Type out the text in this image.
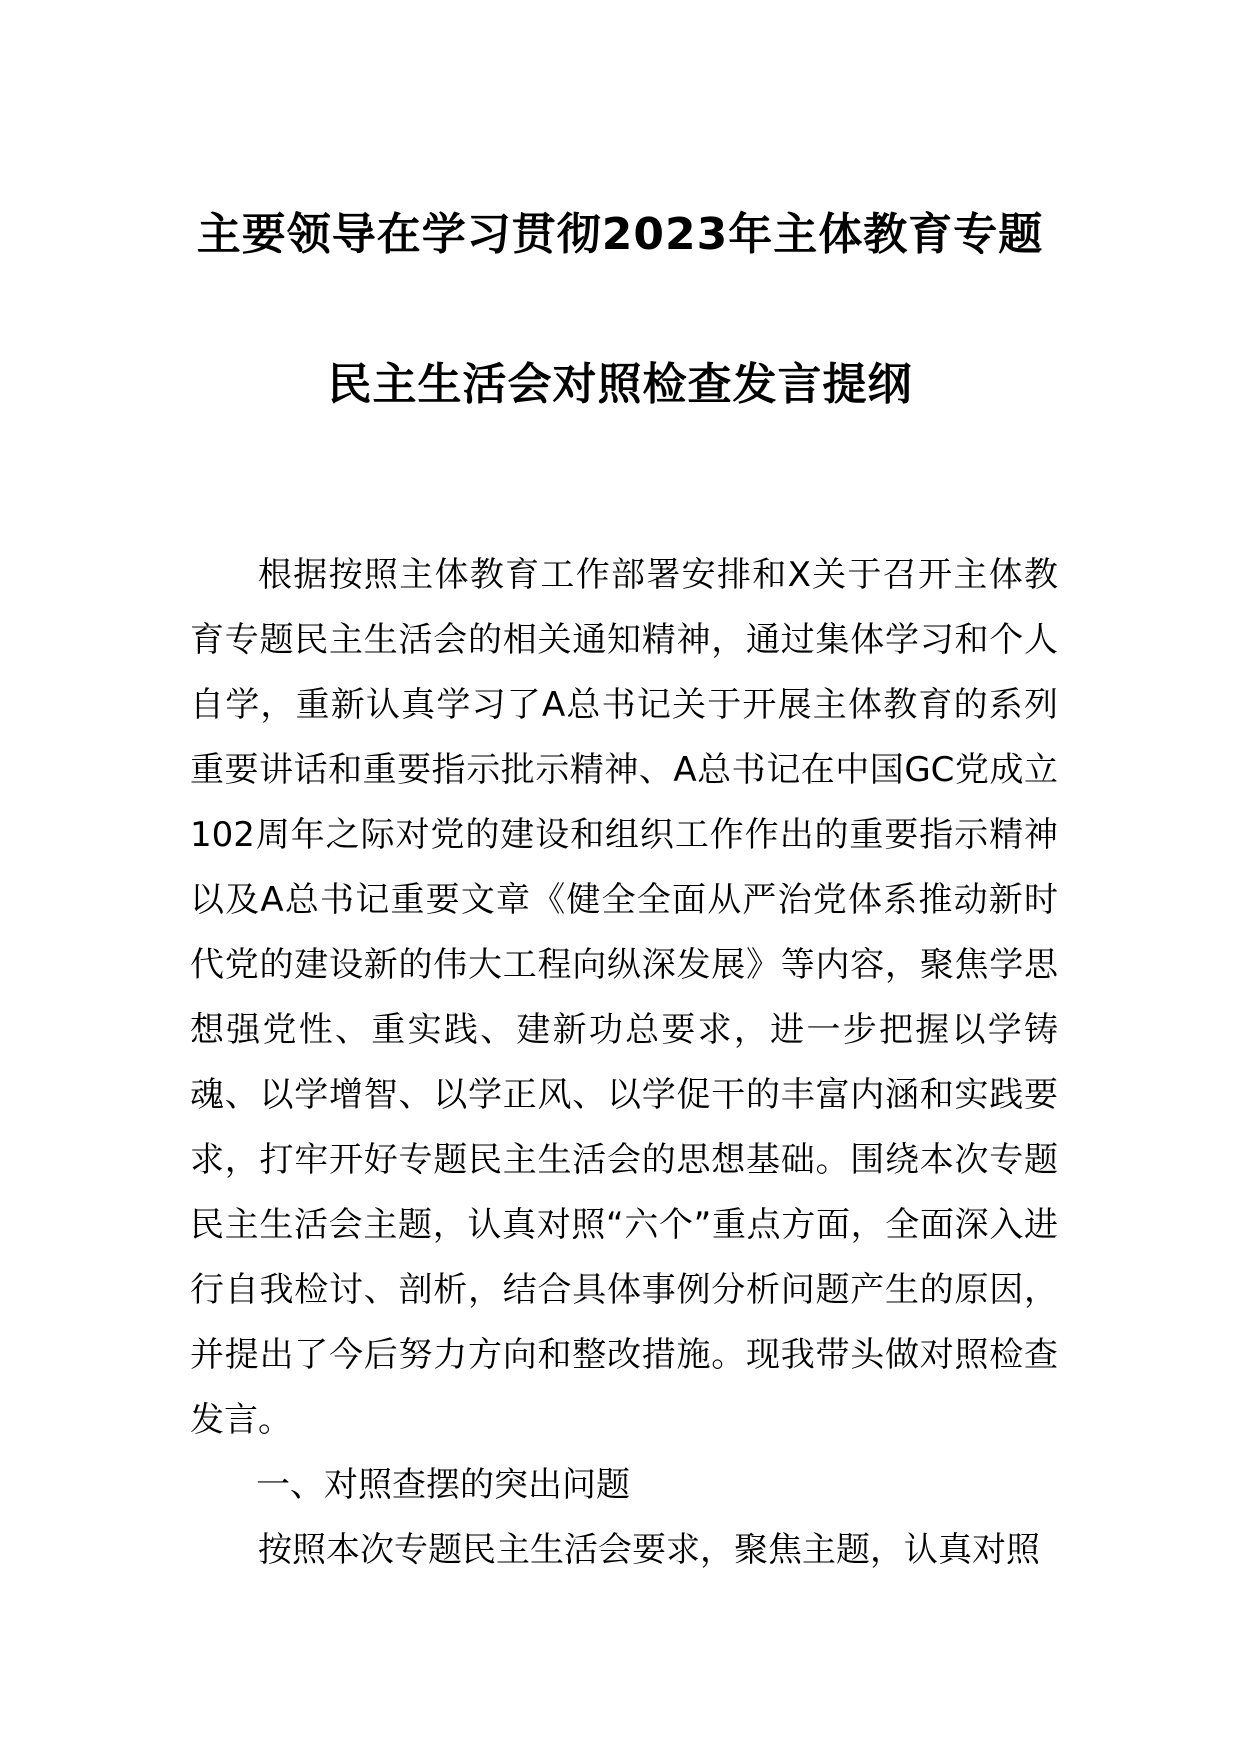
主要领导在学习贯彻2023年主体教育专题
民主生活会对照检查发言提纲

根据按照主体教育工作部署安排和X关于召开主体教育专题民主生活会的相关通知精神，通过集体学习和个人自学，重新认真学习了A总书记关于开展主体教育的系列重要讲话和重要指示批示精神、A总书记在中国GC党成立102周年之际对党的建设和组织工作作出的重要指示精神以及A总书记重要文章《健全全面从严治党体系推动新时代党的建设新的伟大工程向纵深发展》等内容，聚焦学思想强党性、重实践、建新功总要求，进一步把握以学铸魂、以学增智、以学正风、以学促干的丰富内涵和实践要求，打牢开好专题民主生活会的思想基础。围绕本次专题民主生活会主题，认真对照“六个”重点方面，全面深入进行自我检讨、剖析，结合具体事例分析问题产生的原因，并提出了今后努力方向和整改措施。现我带头做对照检查发言。

一、对照查摆的突出问题

按照本次专题民主生活会要求，聚焦主题，认真对照
